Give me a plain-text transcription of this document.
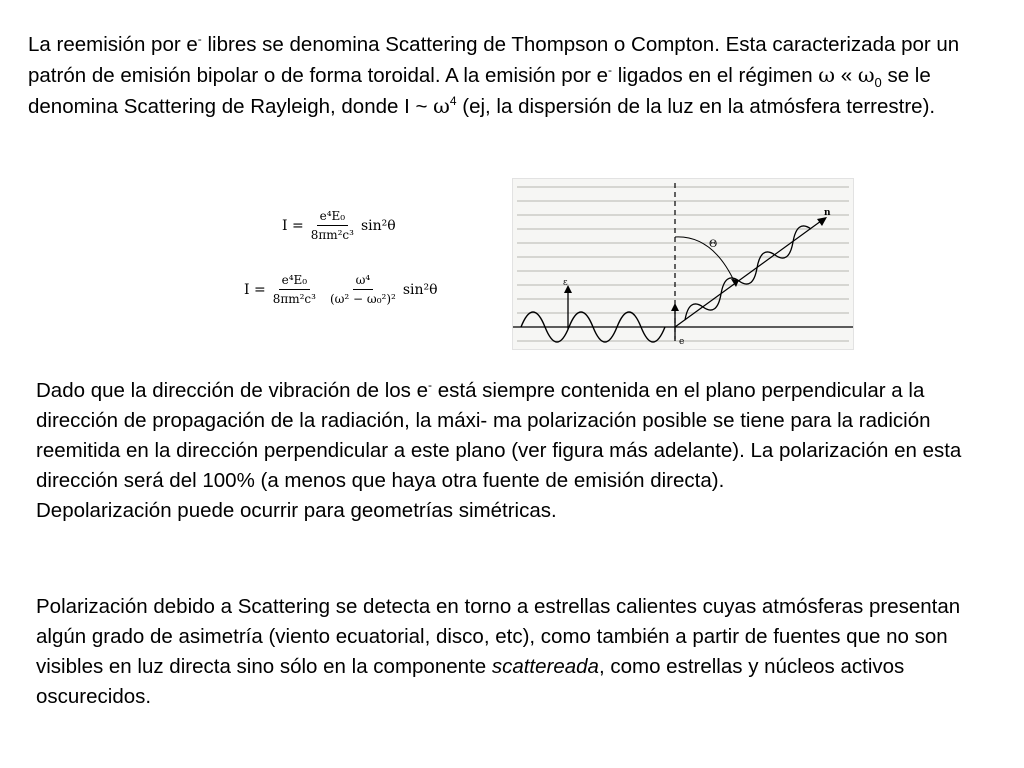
La reemisión por e- libres se denomina Scattering de Thompson o Compton. Esta caracterizada por un patrón de emisión bipolar o de forma toroidal. A la emisión por e- ligados en el régimen ω « $\omega_0$ se le denomina Scattering de Rayleigh, donde I ~ $\omega^4$ (ej, la dispersión de la luz en la atmósfera terrestre).

$I = \frac{\text{e⁴E₀}}{\text{8πm²c³}} \sin^2\theta$
$I = \frac{\text{e⁴E₀}}{\text{8πm²c³}} \frac{\text{ω⁴}}{\text{(ω² − ω₀²)²}} \sin^2\theta$
Θ
n
ε
e

Dado que la dirección de vibración de los e- está siempre contenida en el plano perpendicular a la dirección de propagación de la radiación, la máxi- ma polarización posible se tiene para la radición reemitida en la dirección perpendicular a este plano (ver figura más adelante). La polarización en esta dirección será del 100% (a menos que haya otra fuente de emisión directa).
Depolarización puede ocurrir para geometrías simétricas.

Polarización debido a Scattering se detecta en torno a estrellas calientes cuyas atmósferas presentan algún grado de asimetría (viento ecuatorial, disco, etc), como también a partir de fuentes que no son visibles en luz directa sino sólo en la componente scattereada, como estrellas y núcleos activos oscurecidos.
